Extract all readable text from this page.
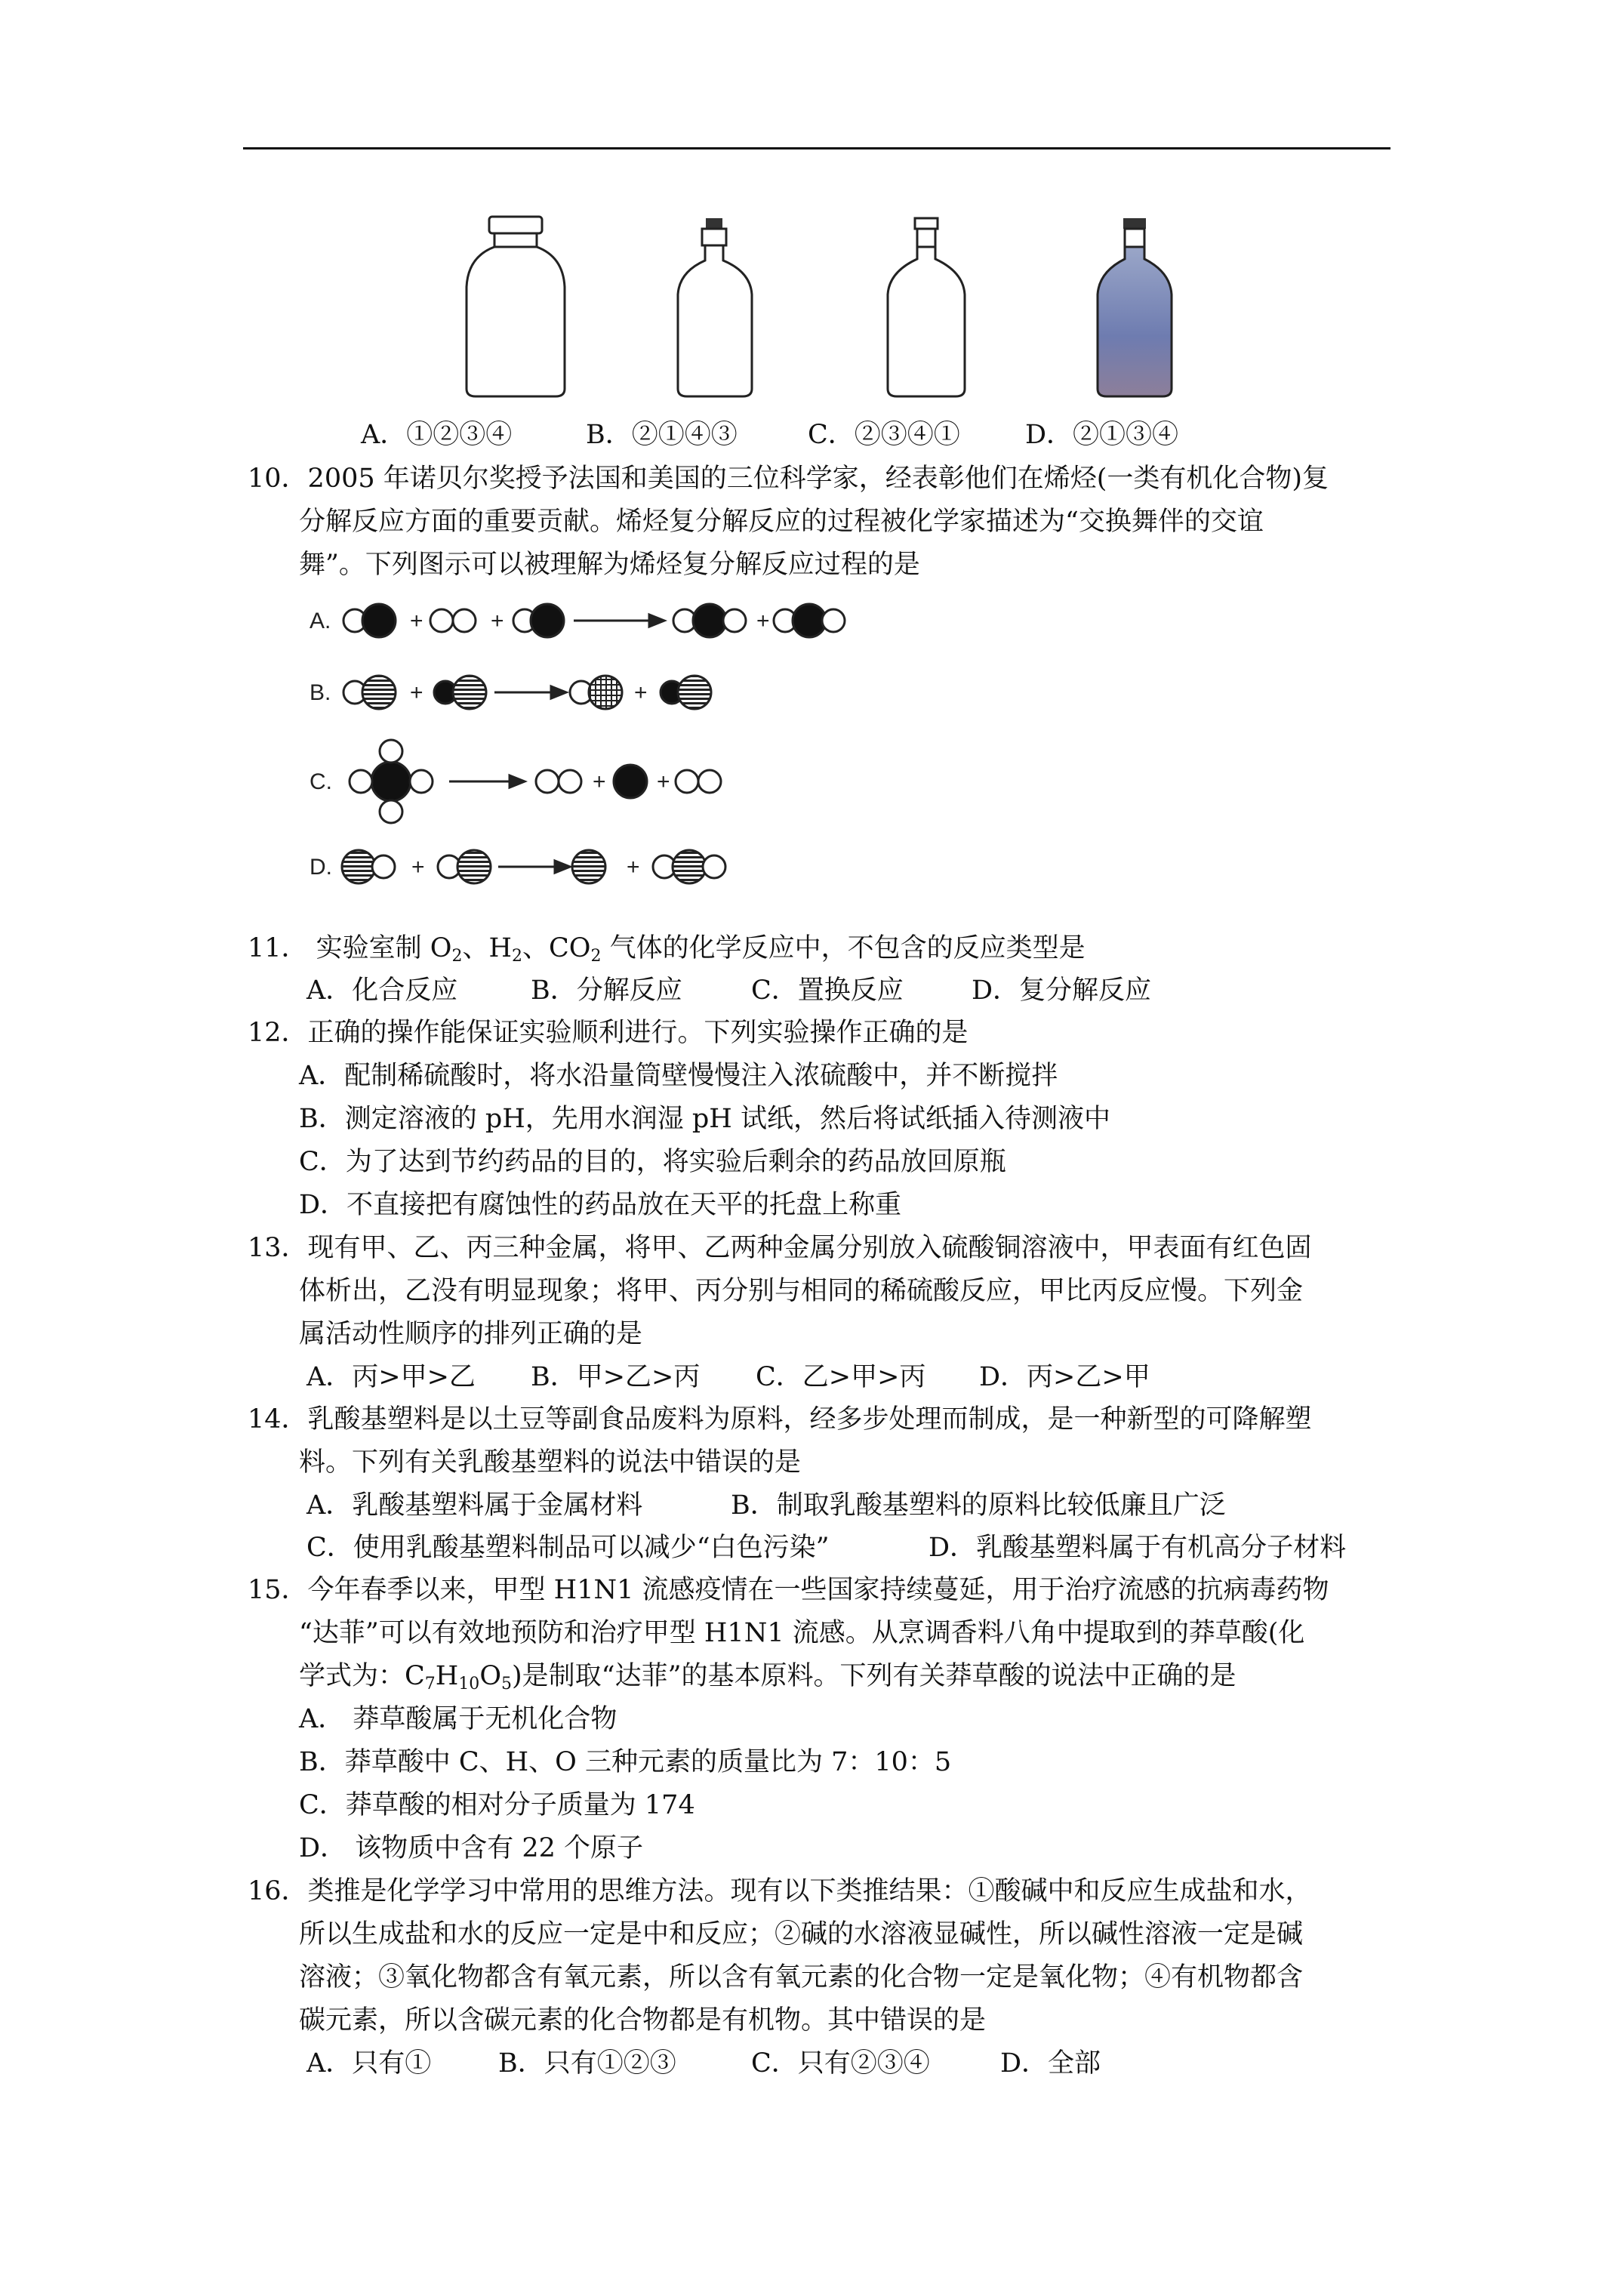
A．①②③④	B．②①④③	C．②③④① D．②①③④
10．2005 年诺贝尔奖授予法国和美国的三位科学家，经表彰他们在烯烃(一类有机化合物)复
分解反应方面的重要贡献。烯烃复分解反应的过程被化学家描述为“交换舞伴的交谊
舞”。下列图示可以被理解为烯烃复分解反应过程的是
A.	+	+	+
B.	+	+
C.	+ +
D.	+	+
11． 实验室制 $O_2$、$H_2$、$CO_2$ 气体的化学反应中，不包含的反应类型是
A．化合反应	B．分解反应	C．置换反应	D．复分解反应
12．正确的操作能保证实验顺利进行。下列实验操作正确的是
A．配制稀硫酸时，将水沿量筒壁慢慢注入浓硫酸中，并不断搅拌
B．测定溶液的 pH，先用水润湿 pH 试纸，然后将试纸插入待测液中
C．为了达到节约药品的目的，将实验后剩余的药品放回原瓶
D．不直接把有腐蚀性的药品放在天平的托盘上称重
13．现有甲、乙、丙三种金属，将甲、乙两种金属分别放入硫酸铜溶液中，甲表面有红色固
体析出，乙没有明显现象；将甲、丙分别与相同的稀硫酸反应，甲比丙反应慢。下列金
属活动性顺序的排列正确的是
A．丙>甲>乙 B．甲>乙>丙 C．乙>甲>丙 D．丙>乙>甲
14．乳酸基塑料是以土豆等副食品废料为原料，经多步处理而制成，是一种新型的可降解塑
料。下列有关乳酸基塑料的说法中错误的是
A．乳酸基塑料属于金属材料	B．制取乳酸基塑料的原料比较低廉且广泛
C．使用乳酸基塑料制品可以减少“白色污染”	D．乳酸基塑料属于有机高分子材料
15．今年春季以来，甲型 H1N1 流感疫情在一些国家持续蔓延，用于治疗流感的抗病毒药物
“达菲”可以有效地预防和治疗甲型 H1N1 流感。从烹调香料八角中提取到的莽草酸(化
学式为：$C_7H_{10}O_5$)是制取“达菲”的基本原料。下列有关莽草酸的说法中正确的是
A． 莽草酸属于无机化合物
B．莽草酸中 C、H、O 三种元素的质量比为 7：10：5
C．莽草酸的相对分子质量为 174
D． 该物质中含有 22 个原子
16．类推是化学学习中常用的思维方法。现有以下类推结果：①酸碱中和反应生成盐和水，
所以生成盐和水的反应一定是中和反应；②碱的水溶液显碱性，所以碱性溶液一定是碱
溶液；③氧化物都含有氧元素，所以含有氧元素的化合物一定是氧化物；④有机物都含
碳元素，所以含碳元素的化合物都是有机物。其中错误的是
A．只有①	B．只有①②③	C．只有②③④	D．全部
